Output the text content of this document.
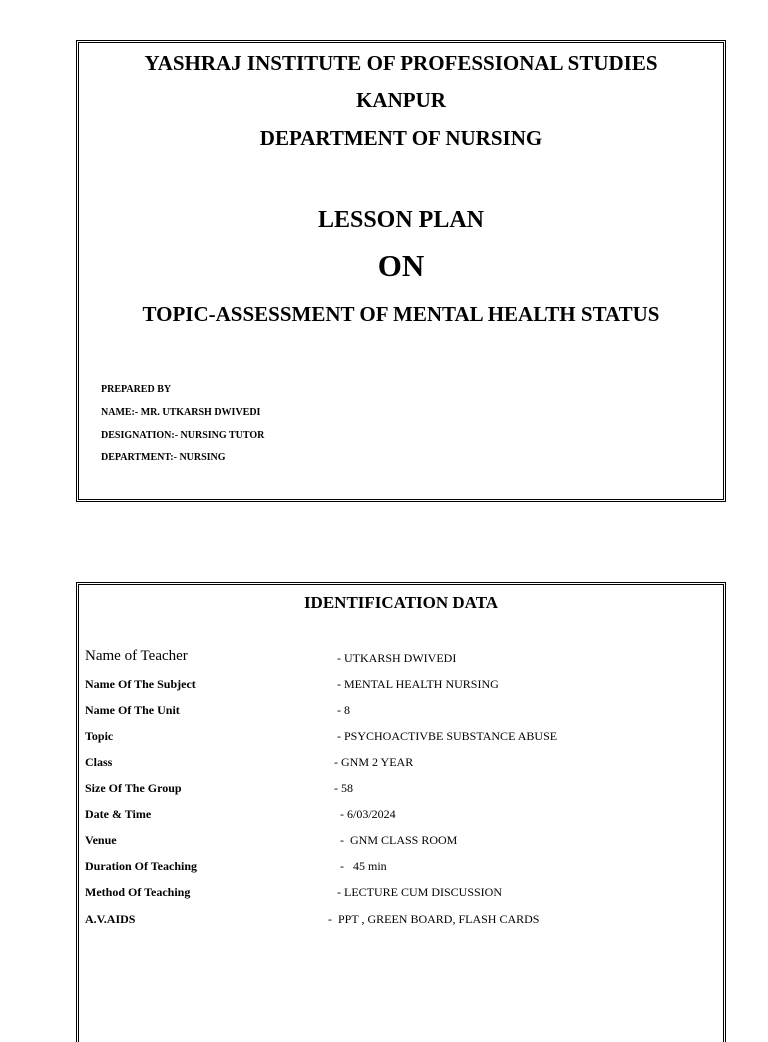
YASHRAJ INSTITUTE OF PROFESSIONAL STUDIES
KANPUR
DEPARTMENT OF NURSING
LESSON PLAN
ON
TOPIC-ASSESSMENT OF MENTAL HEALTH STATUS
PREPARED BY
NAME:- MR. UTKARSH DWIVEDI
DESIGNATION:- NURSING TUTOR
DEPARTMENT:- NURSING
IDENTIFICATION DATA
Name of Teacher	- UTKARSH DWIVEDI
Name Of The Subject	- MENTAL HEALTH NURSING
Name Of The Unit	- 8
Topic	- PSYCHOACTIVBE SUBSTANCE ABUSE
Class	- GNM 2 YEAR
Size Of The Group	- 58
Date & Time	- 6/03/2024
Venue	-  GNM CLASS ROOM
Duration Of Teaching	-   45 min
Method Of Teaching	- LECTURE CUM DISCUSSION
A.V.AIDS	-  PPT , GREEN BOARD, FLASH CARDS
